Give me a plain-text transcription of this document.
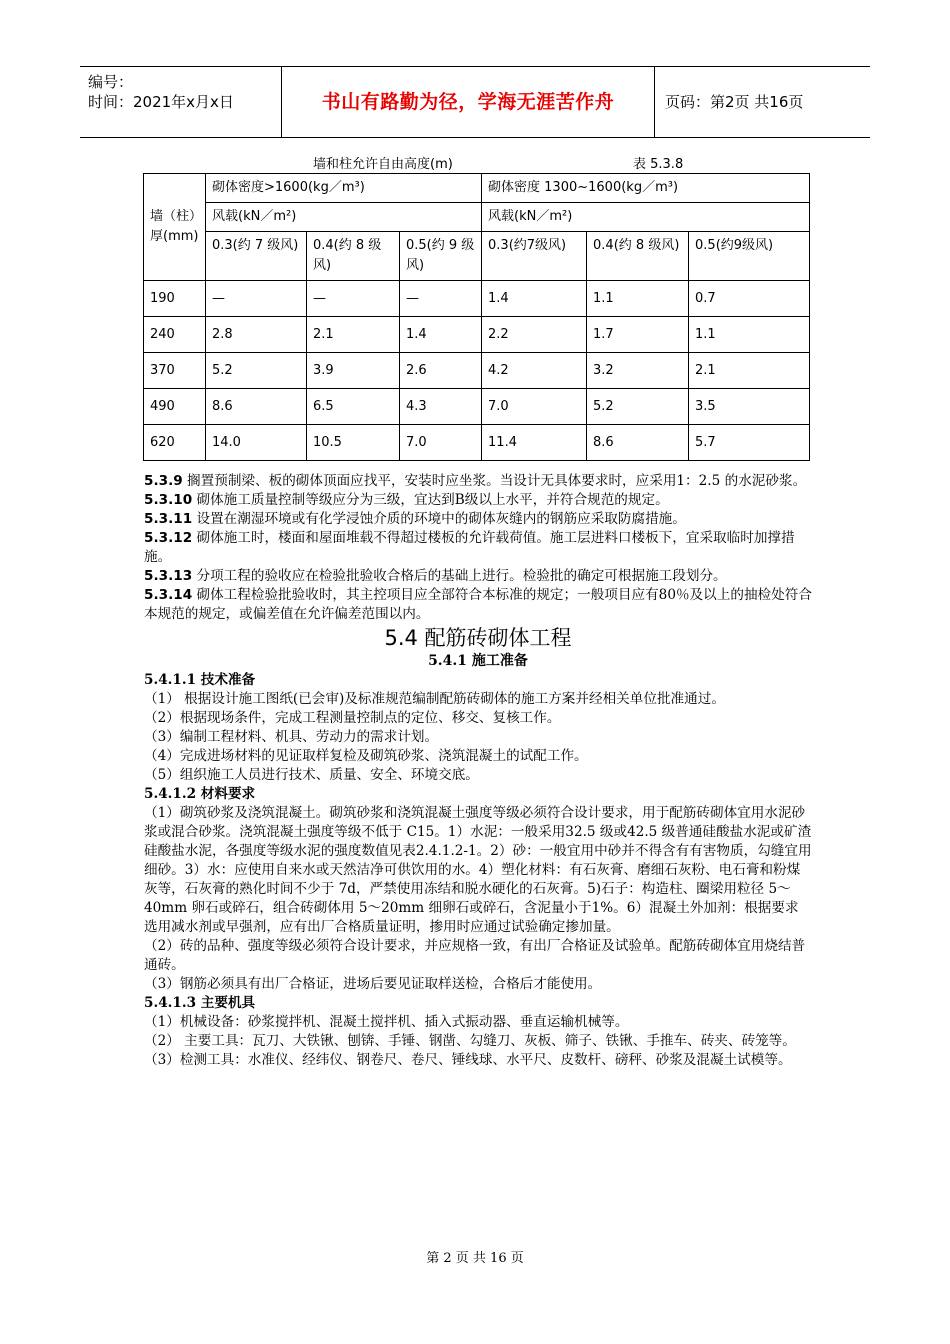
编号：
时间：2021年x月x日	书山有路勤为径，学海无涯苦作舟	页码：第2页 共16页
墙和柱允许自由高度(m)	表 5.3.8
墙（柱）厚(mm)	砌体密度>1600(kg／m³)			砌体密度 1300~1600(kg／m³)		
	风载(kN／m²)			风载(kN／m²)		
	0.3(约 7 级风)	0.4(约 8 级风)	0.5(约 9 级风)	0.3(约7级风)	0.4(约 8 级风)	0.5(约9级风)
190	—	—	—	1.4	1.1	0.7
240	2.8	2.1	1.4	2.2	1.7	1.1
370	5.2	3.9	2.6	4.2	3.2	2.1
490	8.6	6.5	4.3	7.0	5.2	3.5
620	14.0	10.5	7.0	11.4	8.6	5.7

5.3.9 搁置预制梁、板的砌体顶面应找平，安装时应坐浆。当设计无具体要求时，应采用1：2.5 的水泥砂浆。

5.3.10 砌体施工质量控制等级应分为三级，宜达到B级以上水平，并符合规范的规定。

5.3.11 设置在潮湿环境或有化学浸蚀介质的环境中的砌体灰缝内的钢筋应采取防腐措施。

5.3.12 砌体施工时，楼面和屋面堆载不得超过楼板的允许载荷值。施工层进料口楼板下，宜采取临时加撑措施。

5.3.13 分项工程的验收应在检验批验收合格后的基础上进行。检验批的确定可根据施工段划分。

5.3.14 砌体工程检验批验收时，其主控项目应全部符合本标准的规定；一般项目应有80％及以上的抽检处符合本规范的规定，或偏差值在允许偏差范围以内。

5.4 配筋砖砌体工程

5.4.1 施工准备

5.4.1.1 技术准备

（1） 根据设计施工图纸(已会审)及标准规范编制配筋砖砌体的施工方案并经相关单位批准通过。

（2）根据现场条件，完成工程测量控制点的定位、移交、复核工作。

（3）编制工程材料、机具、劳动力的需求计划。

（4）完成进场材料的见证取样复检及砌筑砂浆、浇筑混凝土的试配工作。

（5）组织施工人员进行技术、质量、安全、环境交底。

5.4.1.2 材料要求

（1）砌筑砂浆及浇筑混凝土。砌筑砂浆和浇筑混凝土强度等级必须符合设计要求，用于配筋砖砌体宜用水泥砂浆或混合砂浆。浇筑混凝土强度等级不低于 C15。1）水泥：一般采用32.5 级或42.5 级普通硅酸盐水泥或矿渣硅酸盐水泥，各强度等级水泥的强度数值见表2.4.1.2-1。2）砂：一般宜用中砂并不得含有有害物质，勾缝宜用细砂。3）水：应使用自来水或天然洁净可供饮用的水。4）塑化材料：有石灰膏、磨细石灰粉、电石膏和粉煤灰等，石灰膏的熟化时间不少于 7d，严禁使用冻结和脱水硬化的石灰膏。5)石子：构造柱、圈梁用粒径 5～40mm 卵石或碎石，组合砖砌体用 5～20mm 细卵石或碎石，含泥量小于1%。6）混凝土外加剂：根据要求选用减水剂或早强剂，应有出厂合格质量证明，掺用时应通过试验确定掺加量。

（2）砖的品种、强度等级必须符合设计要求，并应规格一致，有出厂合格证及试验单。配筋砖砌体宜用烧结普通砖。

（3）钢筋必须具有出厂合格证，进场后要见证取样送检，合格后才能使用。

5.4.1.3 主要机具

（1）机械设备：砂浆搅拌机、混凝土搅拌机、插入式振动器、垂直运输机械等。

（2） 主要工具：瓦刀、大铁锹、刨锛、手锤、钢凿、勾缝刀、灰板、筛子、铁锹、手推车、砖夹、砖笼等。

（3）检测工具：水准仪、经纬仪、钢卷尺、卷尺、锤线球、水平尺、皮数杆、磅秤、砂浆及混凝土试模等。

第 2 页 共 16 页
